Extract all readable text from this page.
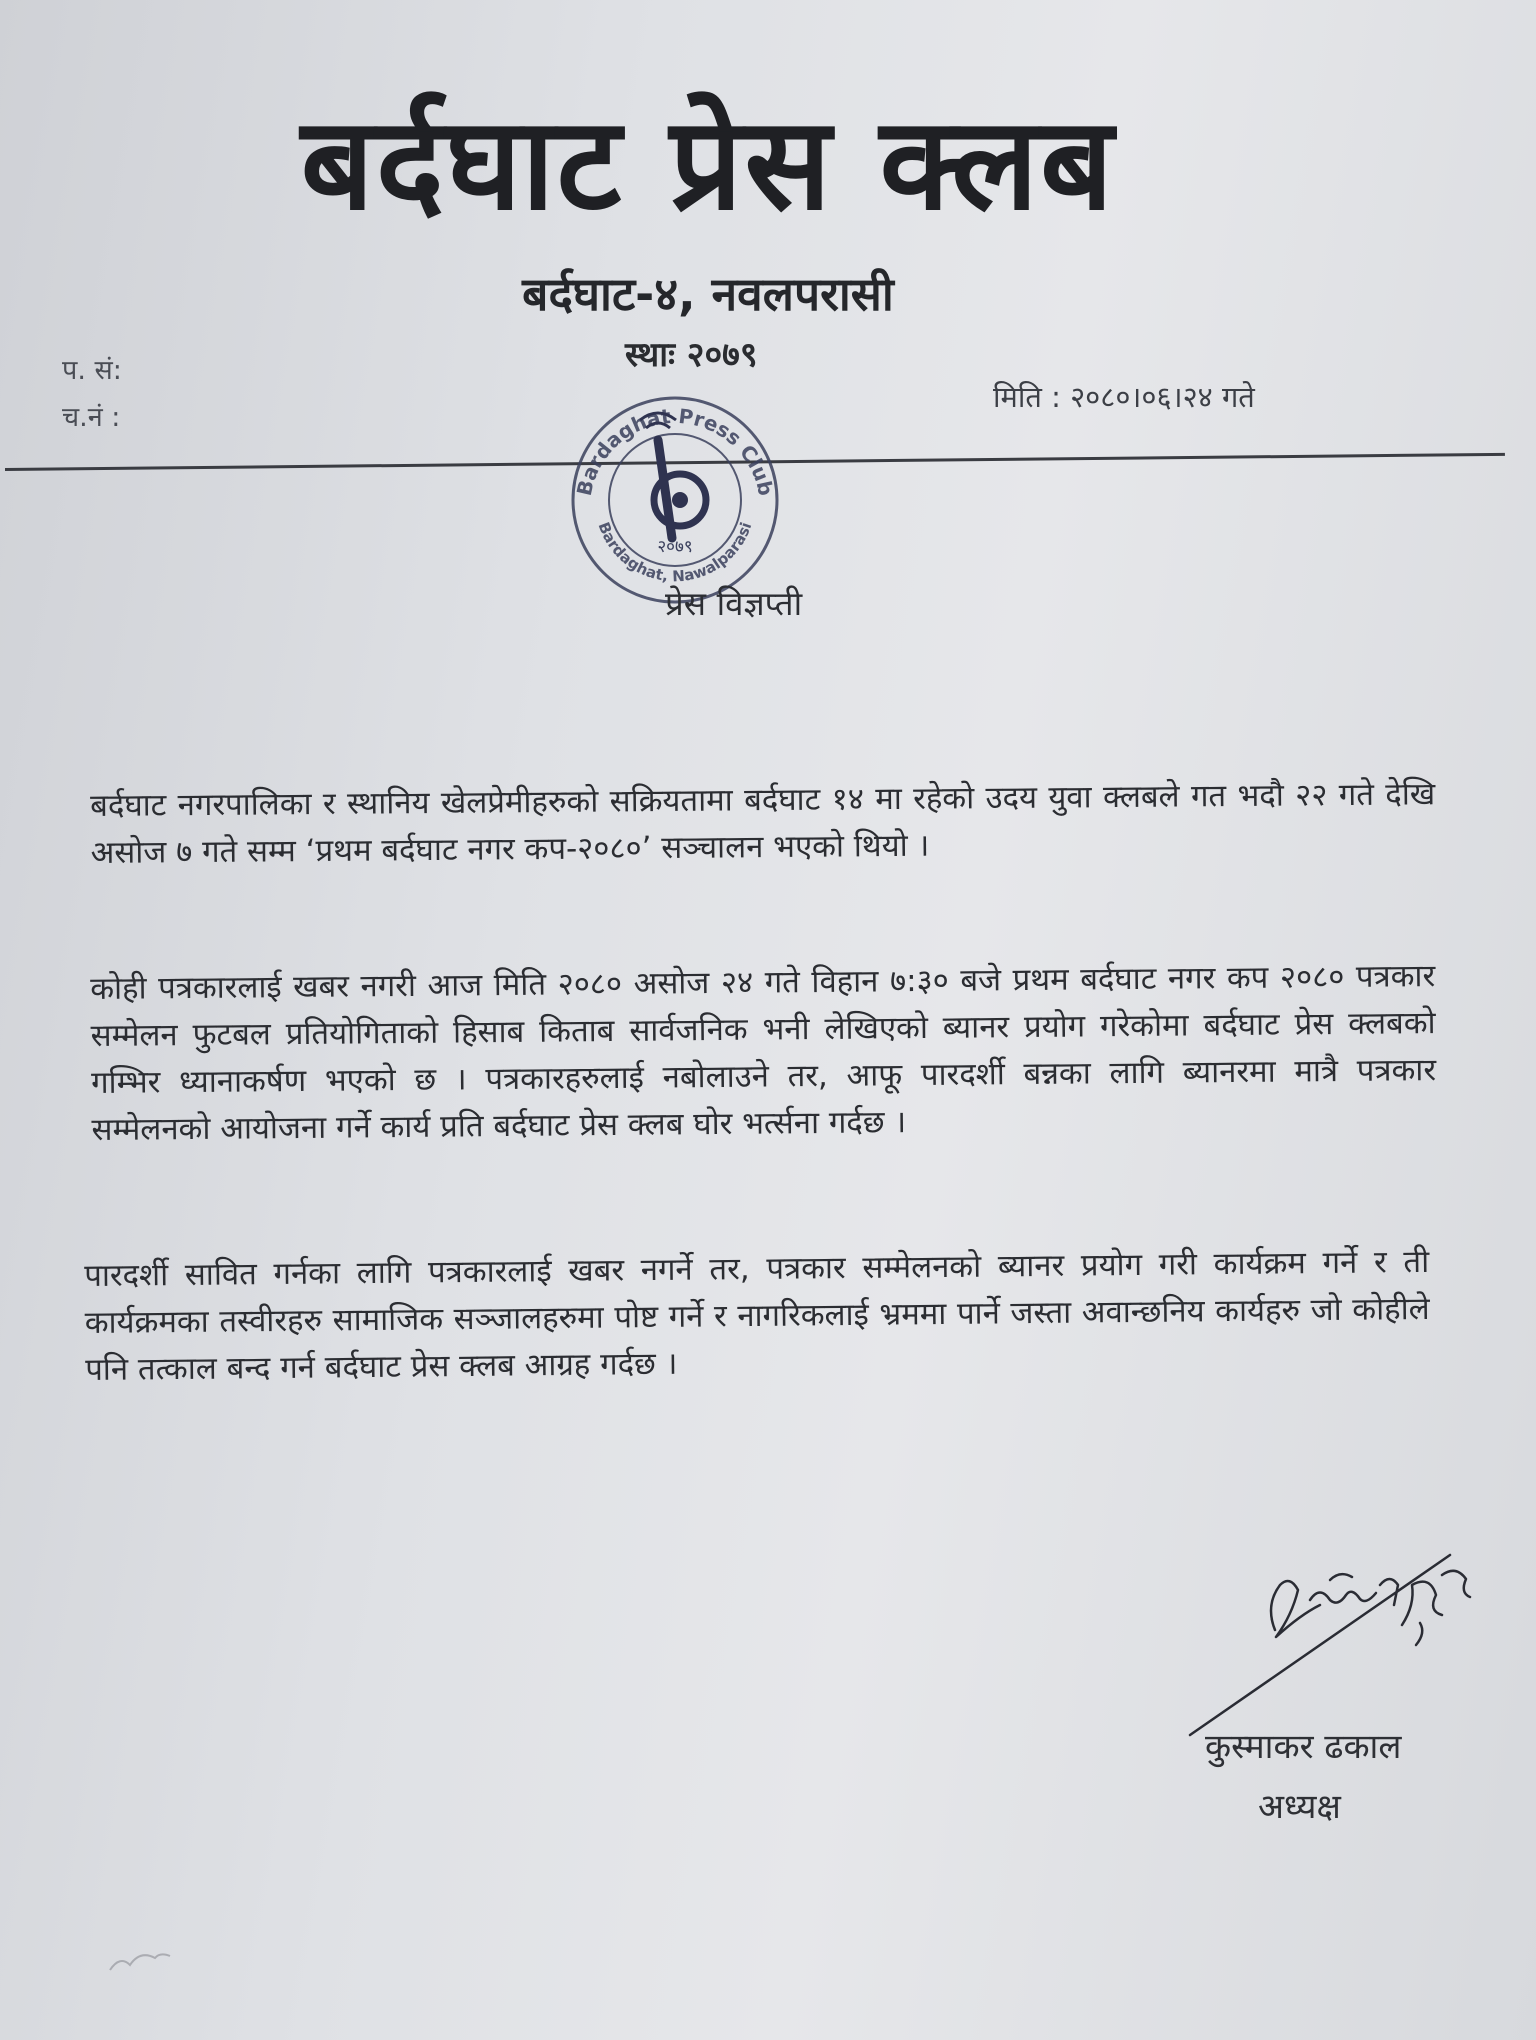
बर्दघाट प्रेस क्लब
बर्दघाट-४, नवलपरासी
स्थाः २०७९
प. सं:
च.नं :
मिति : २०८०।०६।२४ गते
Bardaghat Press Club
Bardaghat, Nawalparasi
२०७९
प्रेस विज्ञप्ती

बर्दघाट नगरपालिका र स्थानिय खेलप्रेमीहरुको सक्रियतामा बर्दघाट १४ मा रहेको उदय युवा क्लबले गत भदौ २२ गते देखि असोज ७ गते सम्म ‘प्रथम बर्दघाट नगर कप-२०८०’ सञ्चालन भएको थियो ।

कोही पत्रकारलाई खबर नगरी आज मिति २०८० असोज २४ गते विहान ७:३० बजे प्रथम बर्दघाट नगर कप २०८० पत्रकार सम्मेलन फुटबल प्रतियोगिताको हिसाब किताब सार्वजनिक भनी लेखिएको ब्यानर प्रयोग गरेकोमा बर्दघाट प्रेस क्लबको गम्भिर ध्यानाकर्षण भएको छ । पत्रकारहरुलाई नबोलाउने तर, आफू पारदर्शी बन्नका लागि ब्यानरमा मात्रै पत्रकार सम्मेलनको आयोजना गर्ने कार्य प्रति बर्दघाट प्रेस क्लब घोर भर्त्सना गर्दछ ।

पारदर्शी सावित गर्नका लागि पत्रकारलाई खबर नगर्ने तर, पत्रकार सम्मेलनको ब्यानर प्रयोग गरी कार्यक्रम गर्ने र ती कार्यक्रमका तस्वीरहरु सामाजिक सञ्जालहरुमा पोष्ट गर्ने र नागरिकलाई भ्रममा पार्ने जस्ता अवान्छनिय कार्यहरु जो कोहीले पनि तत्काल बन्द गर्न बर्दघाट प्रेस क्लब आग्रह गर्दछ ।

कुस्माकर ढकाल
अध्यक्ष
